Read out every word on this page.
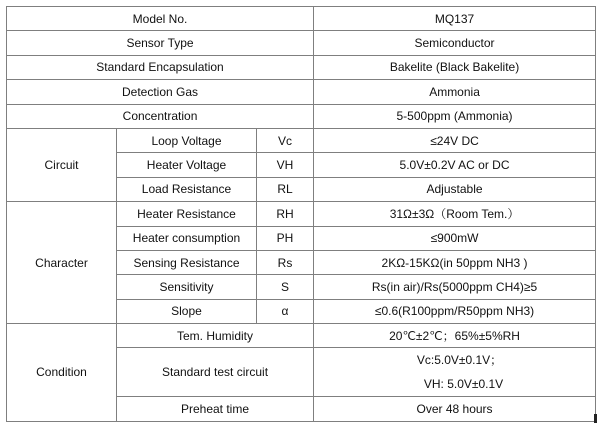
Model No.			MQ137
Sensor Type			Semiconductor
Standard Encapsulation			Bakelite (Black Bakelite)
Detection Gas			Ammonia
Concentration			5-500ppm (Ammonia)
Circuit	Loop Voltage	Vc	≤24V DC
	Heater Voltage	VH	5.0V±0.2V AC or DC
	Load Resistance	RL	Adjustable
Character	Heater Resistance	RH	31Ω±3Ω（Room Tem.）
	Heater consumption	PH	≤900mW
	Sensing Resistance	Rs	2KΩ-15KΩ(in 50ppm NH3 )
	Sensitivity	S	Rs(in air)/Rs(5000ppm CH4)≥5
	Slope	α	≤0.6(R100ppm/R50ppm NH3)
Condition	Tem. Humidity		20℃±2℃；65%±5%RH
	Standard test circuit		Vc:5.0V±0.1V；
VH: 5.0V±0.1V

	Preheat time		Over 48 hours
